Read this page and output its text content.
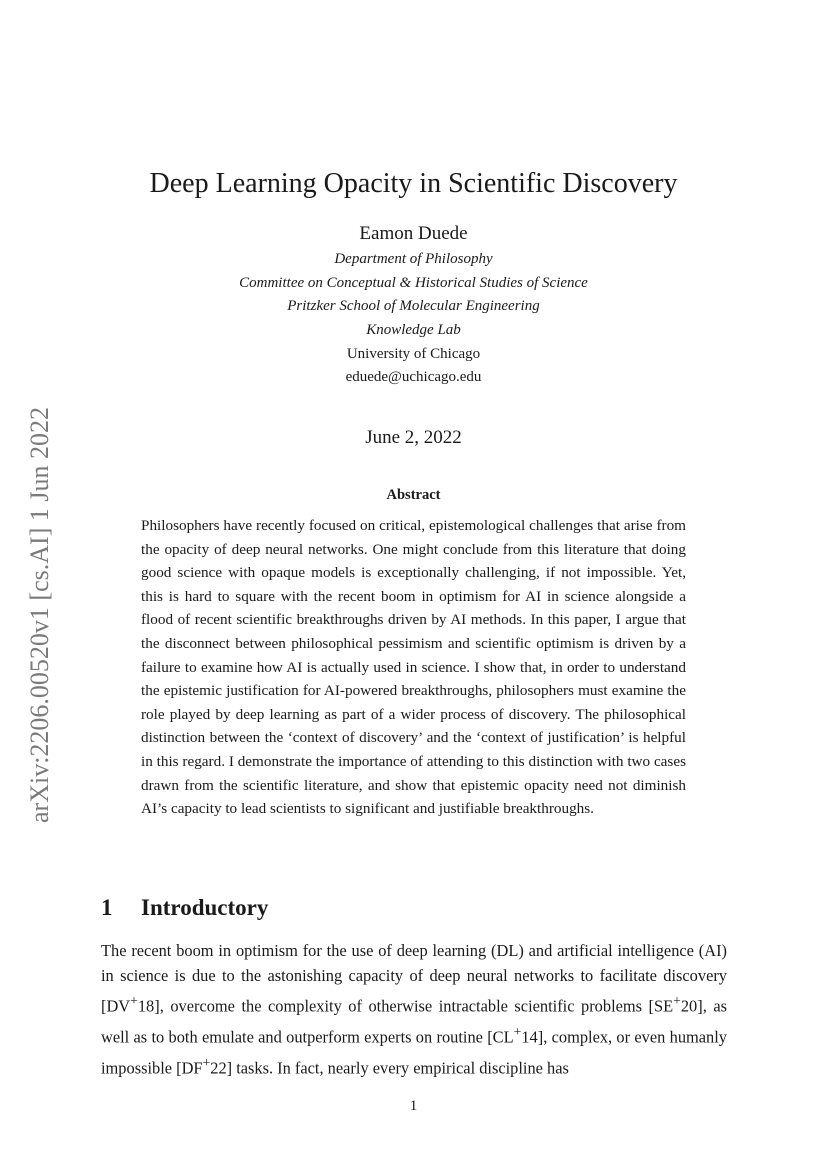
arXiv:2206.00520v1 [cs.AI] 1 Jun 2022
Deep Learning Opacity in Scientific Discovery
Eamon Duede
Department of Philosophy
Committee on Conceptual & Historical Studies of Science
Pritzker School of Molecular Engineering
Knowledge Lab
University of Chicago
eduede@uchicago.edu
June 2, 2022
Abstract
Philosophers have recently focused on critical, epistemological challenges that arise from the opacity of deep neural networks. One might conclude from this literature that doing good science with opaque models is exceptionally challenging, if not impossible. Yet, this is hard to square with the recent boom in optimism for AI in science alongside a flood of recent scientific breakthroughs driven by AI methods. In this paper, I argue that the disconnect between philosophical pessimism and scientific optimism is driven by a failure to examine how AI is actually used in science. I show that, in order to understand the epistemic justification for AI-powered breakthroughs, philosophers must examine the role played by deep learning as part of a wider process of discovery. The philosophical distinction between the ‘context of discovery’ and the ‘context of justification’ is helpful in this regard. I demonstrate the importance of attending to this distinction with two cases drawn from the scientific literature, and show that epistemic opacity need not diminish AI’s capacity to lead scientists to significant and justifiable breakthroughs.
1 Introductory
The recent boom in optimism for the use of deep learning (DL) and artificial intelligence (AI) in science is due to the astonishing capacity of deep neural networks to facilitate discovery [DV+18], overcome the complexity of otherwise intractable scientific problems [SE+20], as well as to both emulate and outperform experts on routine [CL+14], complex, or even humanly impossible [DF+22] tasks. In fact, nearly every empirical discipline has
1
